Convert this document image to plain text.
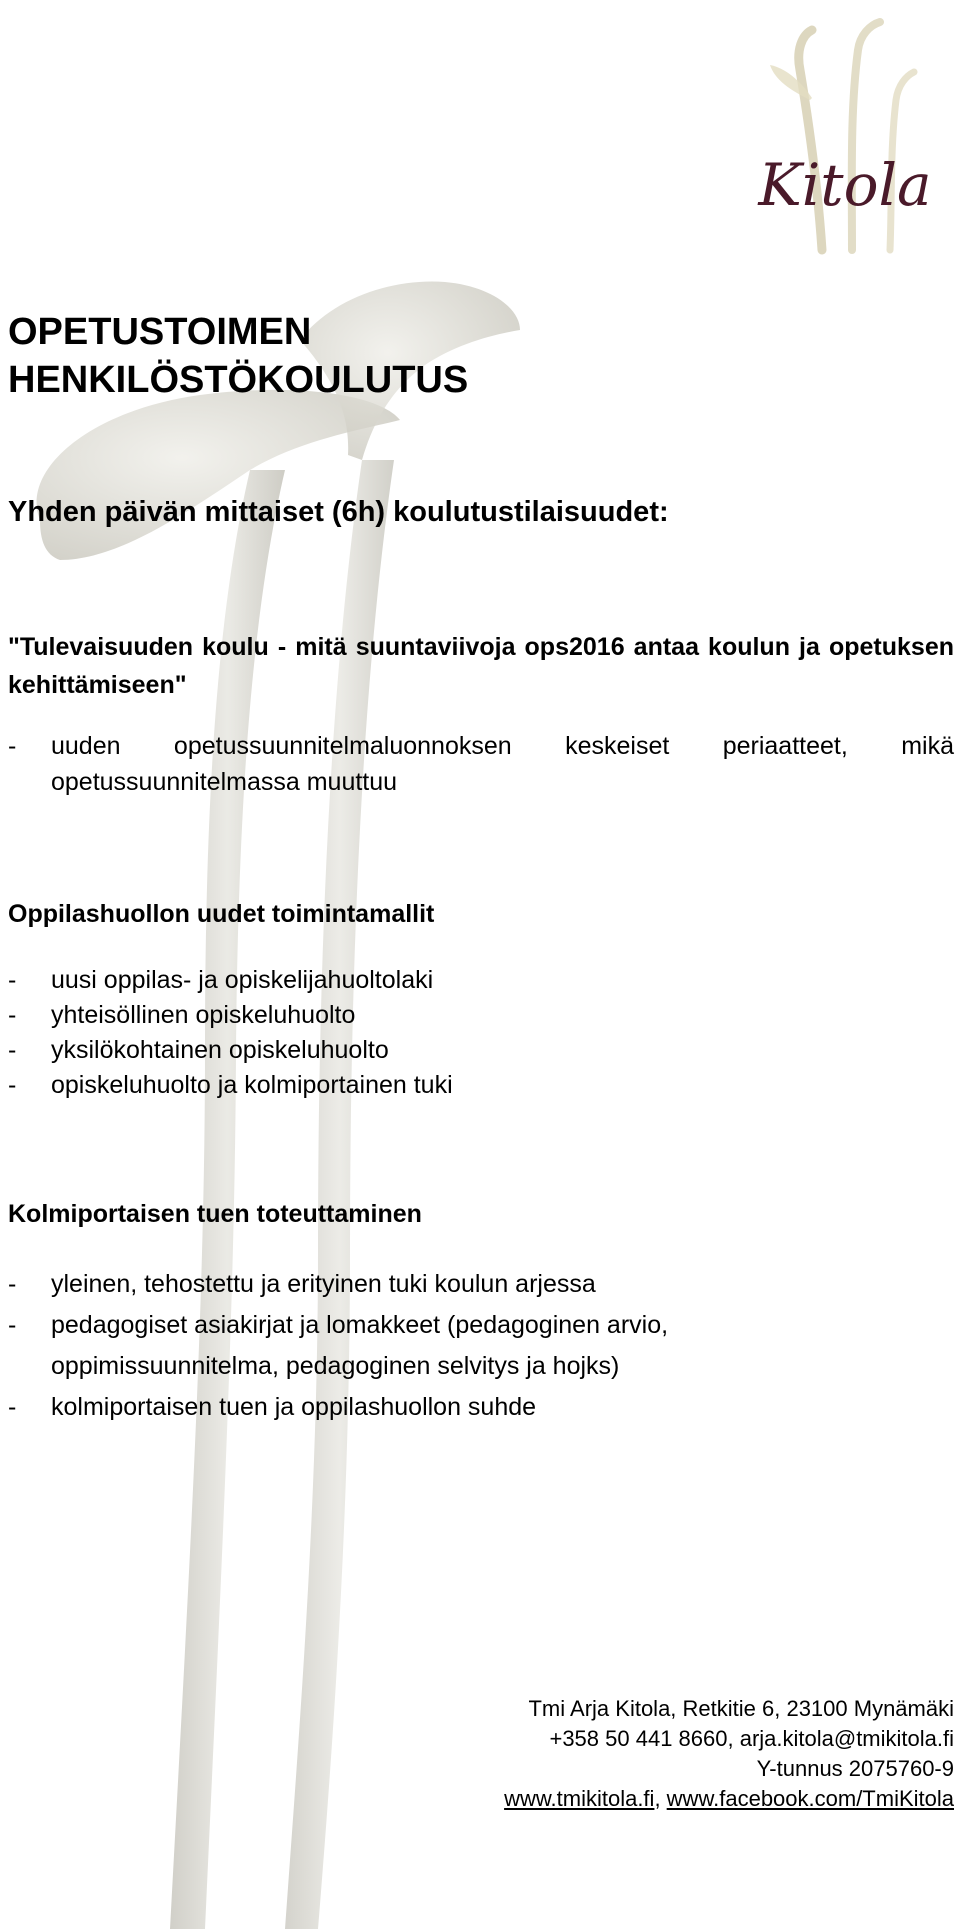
Kitola
OPETUSTOIMEN
HENKILÖSTÖKOULUTUS
Yhden päivän mittaiset (6h) koulutustilaisuudet:
"Tulevaisuuden koulu - mitä suuntaviivoja ops2016 antaa koulun ja opetuksen kehittämiseen"
- uuden opetussuunnitelmaluonnoksen keskeiset periaatteet, mikä opetussuunnitelmassa muuttuu
Oppilashuollon uudet toimintamallit
- uusi oppilas- ja opiskelijahuoltolaki
- yhteisöllinen opiskeluhuolto
- yksilökohtainen opiskeluhuolto
- opiskeluhuolto ja kolmiportainen tuki
Kolmiportaisen tuen toteuttaminen
- yleinen, tehostettu ja erityinen tuki koulun arjessa
- pedagogiset asiakirjat ja lomakkeet (pedagoginen arvio, oppimissuunnitelma, pedagoginen selvitys ja hojks)
- kolmiportaisen tuen ja oppilashuollon suhde
Tmi Arja Kitola, Retkitie 6, 23100 Mynämäki
+358 50 441 8660, arja.kitola@tmikitola.fi
Y-tunnus 2075760-9
www.tmikitola.fi, www.facebook.com/TmiKitola
